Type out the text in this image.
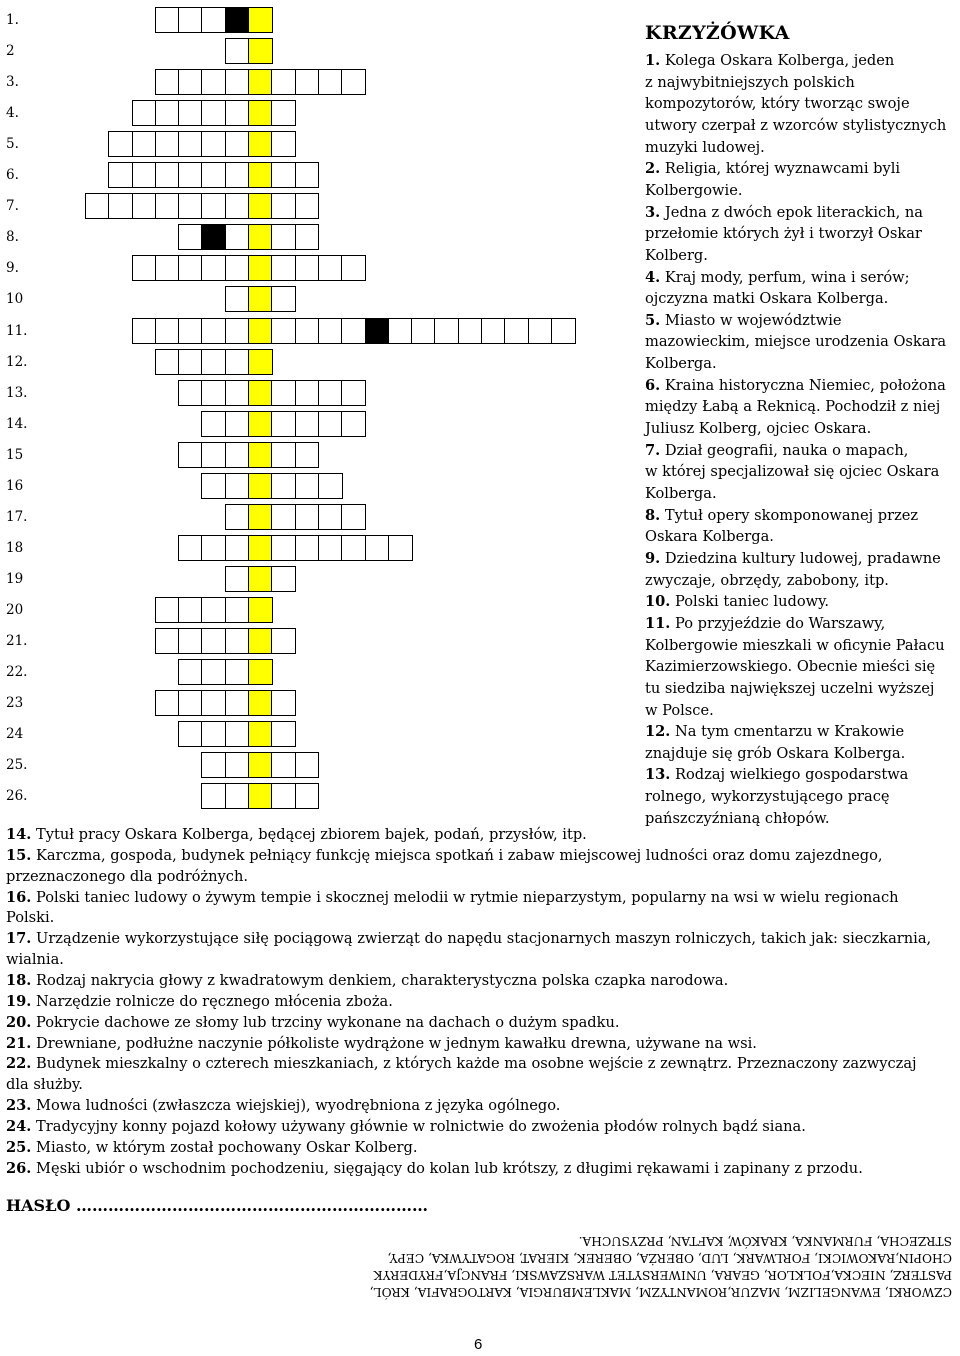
1.
2
3.
4.
5.
6.
7.
8.
9.
10
11.
12.
13.
14.
15
16
17.
18
19
20
21.
22.
23
24
25.
26.
KRZYŻÓWKA
1. Kolega Oskara Kolberga, jeden
z najwybitniejszych polskich
kompozytorów, który tworząc swoje
utwory czerpał z wzorców stylistycznych
muzyki ludowej.
2. Religia, której wyznawcami byli
Kolbergowie.
3. Jedna z dwóch epok literackich, na
przełomie których żył i tworzył Oskar
Kolberg.
4. Kraj mody, perfum, wina i serów;
ojczyzna matki Oskara Kolberga.
5. Miasto w województwie
mazowieckim, miejsce urodzenia Oskara
Kolberga.
6. Kraina historyczna Niemiec, położona
między Łabą a Reknicą. Pochodził z niej
Juliusz Kolberg, ojciec Oskara.
7. Dział geografii, nauka o mapach,
w której specjalizował się ojciec Oskara
Kolberga.
8. Tytuł opery skomponowanej przez
Oskara Kolberga.
9. Dziedzina kultury ludowej, pradawne
zwyczaje, obrzędy, zabobony, itp.
10. Polski taniec ludowy.
11. Po przyjeździe do Warszawy,
Kolbergowie mieszkali w oficynie Pałacu
Kazimierzowskiego. Obecnie mieści się
tu siedziba największej uczelni wyższej
w Polsce.
12. Na tym cmentarzu w Krakowie
znajduje się grób Oskara Kolberga.
13. Rodzaj wielkiego gospodarstwa
rolnego, wykorzystującego pracę
pańszczyźnianą chłopów.
14. Tytuł pracy Oskara Kolberga, będącej zbiorem bajek, podań, przysłów, itp.
15. Karczma, gospoda, budynek pełniący funkcję miejsca spotkań i zabaw miejscowej ludności oraz domu zajezdnego,
przeznaczonego dla podróżnych.
16. Polski taniec ludowy o żywym tempie i skocznej melodii w rytmie nieparzystym, popularny na wsi w wielu regionach
Polski.
17. Urządzenie wykorzystujące siłę pociągową zwierząt do napędu stacjonarnych maszyn rolniczych, takich jak: sieczkarnia,
wialnia.
18. Rodzaj nakrycia głowy z kwadratowym denkiem, charakterystyczna polska czapka narodowa.
19. Narzędzie rolnicze do ręcznego młócenia zboża.
20. Pokrycie dachowe ze słomy lub trzciny wykonane na dachach o dużym spadku.
21. Drewniane, podłużne naczynie półkoliste wydrążone w jednym kawałku drewna, używane na wsi.
22. Budynek mieszkalny o czterech mieszkaniach, z których każde ma osobne wejście z zewnątrz. Przeznaczony zazwyczaj
dla służby.
23. Mowa ludności (zwłaszcza wiejskiej), wyodrębniona z języka ogólnego.
24. Tradycyjny konny pojazd kołowy używany głównie w rolnictwie do zwożenia płodów rolnych bądź siana.
25. Miasto, w którym został pochowany Oskar Kolberg.
26. Męski ubiór o wschodnim pochodzeniu, sięgający do kolan lub krótszy, z długimi rękawami i zapinany z przodu.
HASŁO …………………………………………………………
CZWORKI, EWANGELIZM, MAZUR,ROMANTYZM, MAKLEMBURGIA, KARTOGRAFIA, KRÓL,
PASTERZ, NIECKA,FOLKLOR, GEARA, UNIWERSYTET WARSZAWSKI, FRANCJA,FRYDERYK
CHOPIN,RAKOWICKI, FORLWARK, LUD, OBERŻA, OBEREK, KIERAT, ROGATYWKA, CEPY,
STRZECHA, FURMANKA, KRAKÓW, KAFTAN, PRZYSUCHA.
6
